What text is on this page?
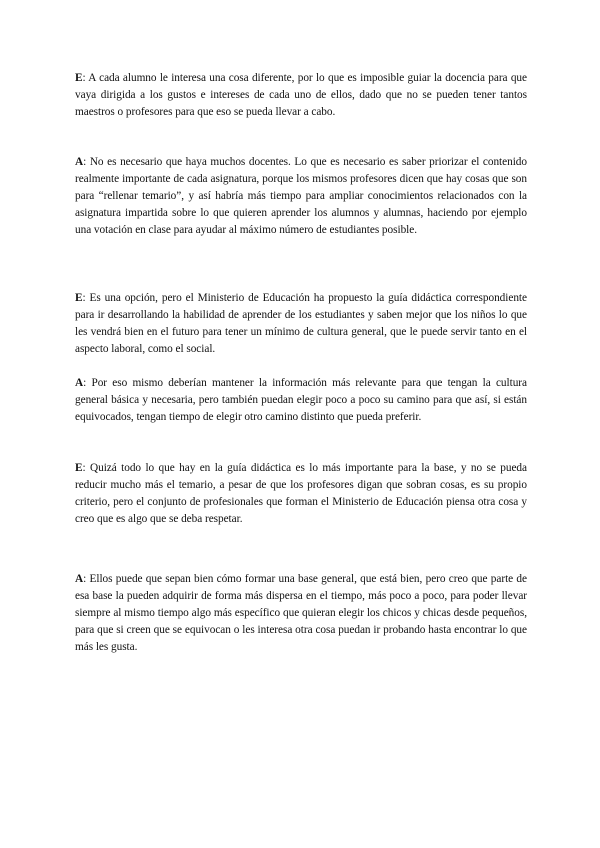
E: A cada alumno le interesa una cosa diferente, por lo que es imposible guiar la docencia para que vaya dirigida a los gustos e intereses de cada uno de ellos, dado que no se pueden tener tantos maestros o profesores para que eso se pueda llevar a cabo.

A: No es necesario que haya muchos docentes. Lo que es necesario es saber priorizar el contenido realmente importante de cada asignatura, porque los mismos profesores dicen que hay cosas que son para “rellenar temario”, y así habría más tiempo para ampliar conocimientos relacionados con la asignatura impartida sobre lo que quieren aprender los alumnos y alumnas, haciendo por ejemplo una votación en clase para ayudar al máximo número de estudiantes posible.

E: Es una opción, pero el Ministerio de Educación ha propuesto la guía didáctica correspondiente para ir desarrollando la habilidad de aprender de los estudiantes y saben mejor que los niños lo que les vendrá bien en el futuro para tener un mínimo de cultura general, que le puede servir tanto en el aspecto laboral, como el social.

A: Por eso mismo deberían mantener la información más relevante para que tengan la cultura general básica y necesaria, pero también puedan elegir poco a poco su camino para que así, si están equivocados, tengan tiempo de elegir otro camino distinto que pueda preferir.

E: Quizá todo lo que hay en la guía didáctica es lo más importante para la base, y no se pueda reducir mucho más el temario, a pesar de que los profesores digan que sobran cosas, es su propio criterio, pero el conjunto de profesionales que forman el Ministerio de Educación piensa otra cosa y creo que es algo que se deba respetar.

A: Ellos puede que sepan bien cómo formar una base general, que está bien, pero creo que parte de esa base la pueden adquirir de forma más dispersa en el tiempo, más poco a poco, para poder llevar siempre al mismo tiempo algo más específico que quieran elegir los chicos y chicas desde pequeños, para que si creen que se equivocan o les interesa otra cosa puedan ir probando hasta encontrar lo que más les gusta.
